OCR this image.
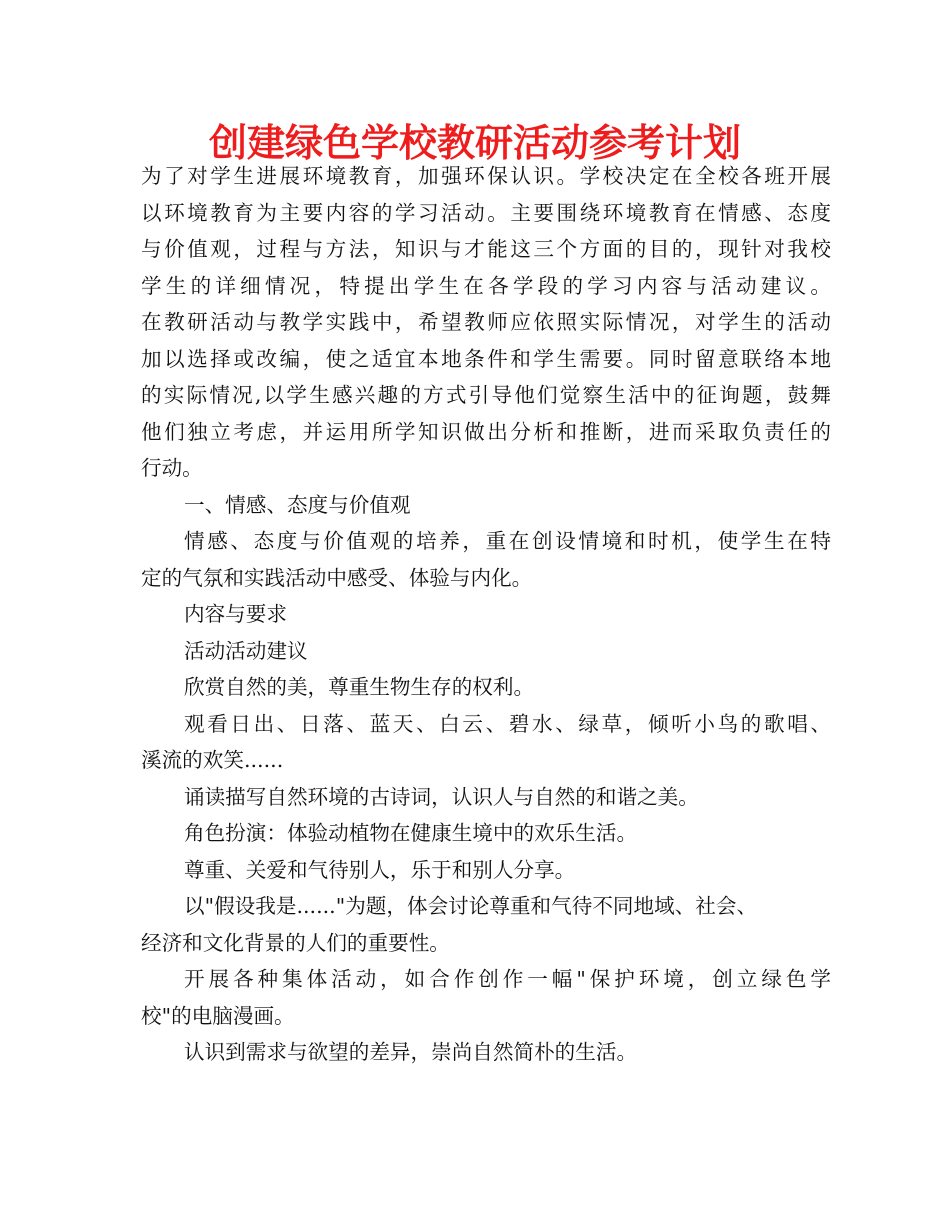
创建绿色学校教研活动参考计划
为了对学生进展环境教育，加强环保认识。学校决定在全校各班开展
以环境教育为主要内容的学习活动。主要围绕环境教育在情感、态度
与价值观，过程与方法，知识与才能这三个方面的目的，现针对我校
学生的详细情况，特提出学生在各学段的学习内容与活动建议。
在教研活动与教学实践中，希望教师应依照实际情况，对学生的活动
加以选择或改编，使之适宜本地条件和学生需要。同时留意联络本地
的实际情况,以学生感兴趣的方式引导他们觉察生活中的征询题，鼓舞
他们独立考虑，并运用所学知识做出分析和推断，进而采取负责任的
行动。
一、情感、态度与价值观
情感、态度与价值观的培养，重在创设情境和时机，使学生在特
定的气氛和实践活动中感受、体验与内化。
内容与要求
活动活动建议
欣赏自然的美，尊重生物生存的权利。
观看日出、日落、蓝天、白云、碧水、绿草，倾听小鸟的歌唱、
溪流的欢笑......
诵读描写自然环境的古诗词，认识人与自然的和谐之美。
角色扮演：体验动植物在健康生境中的欢乐生活。
尊重、关爱和气待别人，乐于和别人分享。
以"假设我是......"为题，体会讨论尊重和气待不同地域、社会、
经济和文化背景的人们的重要性。
开展各种集体活动，如合作创作一幅"保护环境，创立绿色学
校"的电脑漫画。
认识到需求与欲望的差异，崇尚自然简朴的生活。
